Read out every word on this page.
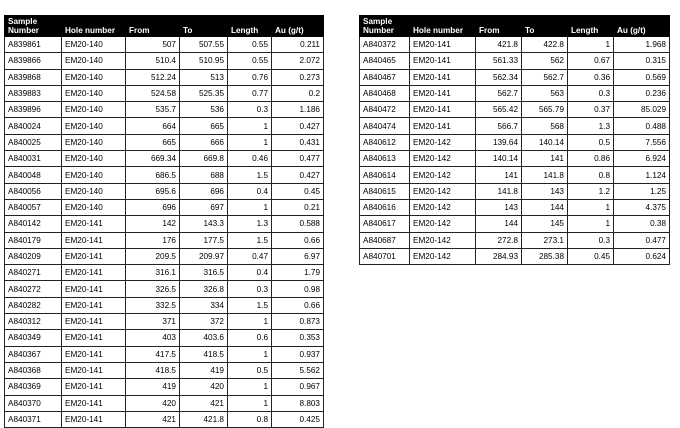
Sample Number	Hole number	From	To	Length	Au (g/t)
A839861	EM20-140	507	507.55	0.55	0.211
A839866	EM20-140	510.4	510.95	0.55	2.072
A839868	EM20-140	512.24	513	0.76	0.273
A839883	EM20-140	524.58	525.35	0.77	0.2
A839896	EM20-140	535.7	536	0.3	1.186
A840024	EM20-140	664	665	1	0.427
A840025	EM20-140	665	666	1	0.431
A840031	EM20-140	669.34	669.8	0.46	0.477
A840048	EM20-140	686.5	688	1.5	0.427
A840056	EM20-140	695.6	696	0.4	0.45
A840057	EM20-140	696	697	1	0.21
A840142	EM20-141	142	143.3	1.3	0.588
A840179	EM20-141	176	177.5	1.5	0.66
A840209	EM20-141	209.5	209.97	0.47	6.97
A840271	EM20-141	316.1	316.5	0.4	1.79
A840272	EM20-141	326.5	326.8	0.3	0.98
A840282	EM20-141	332.5	334	1.5	0.66
A840312	EM20-141	371	372	1	0.873
A840349	EM20-141	403	403.6	0.6	0.353
A840367	EM20-141	417.5	418.5	1	0.937
A840368	EM20-141	418.5	419	0.5	5.562
A840369	EM20-141	419	420	1	0.967
A840370	EM20-141	420	421	1	8.803
A840371	EM20-141	421	421.8	0.8	0.425
Sample Number	Hole number	From	To	Length	Au (g/t)
A840372	EM20-141	421.8	422.8	1	1.968
A840465	EM20-141	561.33	562	0.67	0.315
A840467	EM20-141	562.34	562.7	0.36	0.569
A840468	EM20-141	562.7	563	0.3	0.236
A840472	EM20-141	565.42	565.79	0.37	85.029
A840474	EM20-141	566.7	568	1.3	0.488
A840612	EM20-142	139.64	140.14	0.5	7.556
A840613	EM20-142	140.14	141	0.86	6.924
A840614	EM20-142	141	141.8	0.8	1.124
A840615	EM20-142	141.8	143	1.2	1.25
A840616	EM20-142	143	144	1	4.375
A840617	EM20-142	144	145	1	0.38
A840687	EM20-142	272.8	273.1	0.3	0.477
A840701	EM20-142	284.93	285.38	0.45	0.624
